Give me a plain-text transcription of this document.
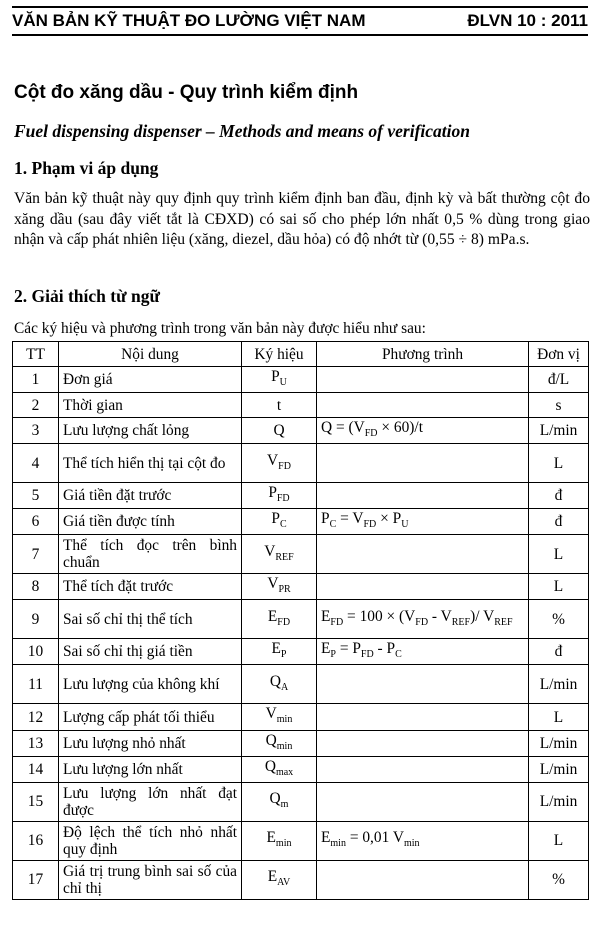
VĂN BẢN KỸ THUẬT ĐO LƯỜNG VIỆT NAM	ĐLVN 10 : 2011
Cột đo xăng dầu - Quy trình kiểm định
Fuel dispensing dispenser – Methods and means of verification
1. Phạm vi áp dụng
Văn bản kỹ thuật này quy định quy trình kiểm định ban đầu, định kỳ và bất thường cột đo xăng dầu (sau đây viết tắt là CĐXD) có sai số cho phép lớn nhất 0,5 % dùng trong giao nhận và cấp phát nhiên liệu (xăng, diezel, dầu hỏa) có độ nhớt từ (0,55 ÷ 8) mPa.s.
2. Giải thích từ ngữ
Các ký hiệu và phương trình trong văn bản này được hiểu như sau:
TT	Nội dung	Ký hiệu	Phương trình	Đơn vị
1	Đơn giá	$P_U$		đ/L
2	Thời gian	t		s
3	Lưu lượng chất lỏng	Q	$Q = (V_{FD} \times 60)/t$	L/min
4	Thể tích hiển thị tại cột đo	$V_{FD}$		L
5	Giá tiền đặt trước	$P_{FD}$		đ
6	Giá tiền được tính	$P_C$	$P_C = V_{FD} \times P_U$	đ
7	Thể tích đọc trên bình chuẩn	$V_{REF}$		L
8	Thể tích đặt trước	$V_{PR}$		L
9	Sai số chỉ thị thể tích	$E_{FD}$	$E_{FD} = 100 \times (V_{FD} - V_{REF})/$ $V_{REF}$	%
10	Sai số chỉ thị giá tiền	$E_P$	$E_P = P_{FD} - P_C$	đ
11	Lưu lượng của không khí	$Q_A$		L/min
12	Lượng cấp phát tối thiểu	$V_{min}$		L
13	Lưu lượng nhỏ nhất	$Q_{min}$		L/min
14	Lưu lượng lớn nhất	$Q_{max}$		L/min
15	Lưu lượng lớn nhất đạt được	$Q_m$		L/min
16	Độ lệch thể tích nhỏ nhất quy định	$E_{min}$	$E_{min} = 0,01$ $V_{min}$	L
17	Giá trị trung bình sai số của chỉ thị	$E_{AV}$		%
